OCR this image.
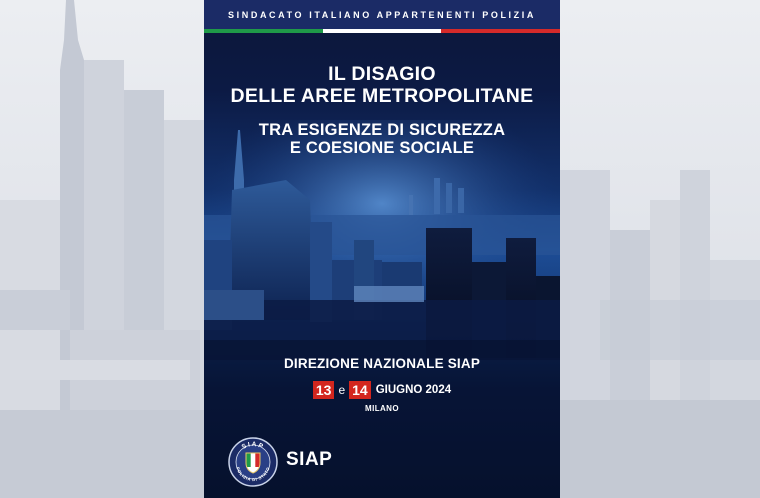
SINDACATO ITALIANO APPARTENENTI POLIZIA
IL DISAGIO
DELLE AREE METROPOLITANE
TRA ESIGENZE DI SICUREZZA
E COESIONE SOCIALE
DIREZIONE NAZIONALE SIAP
13 e 14 GIUGNO 2024
MILANO
SIAP
POLIZIA DI STATO SIAP
